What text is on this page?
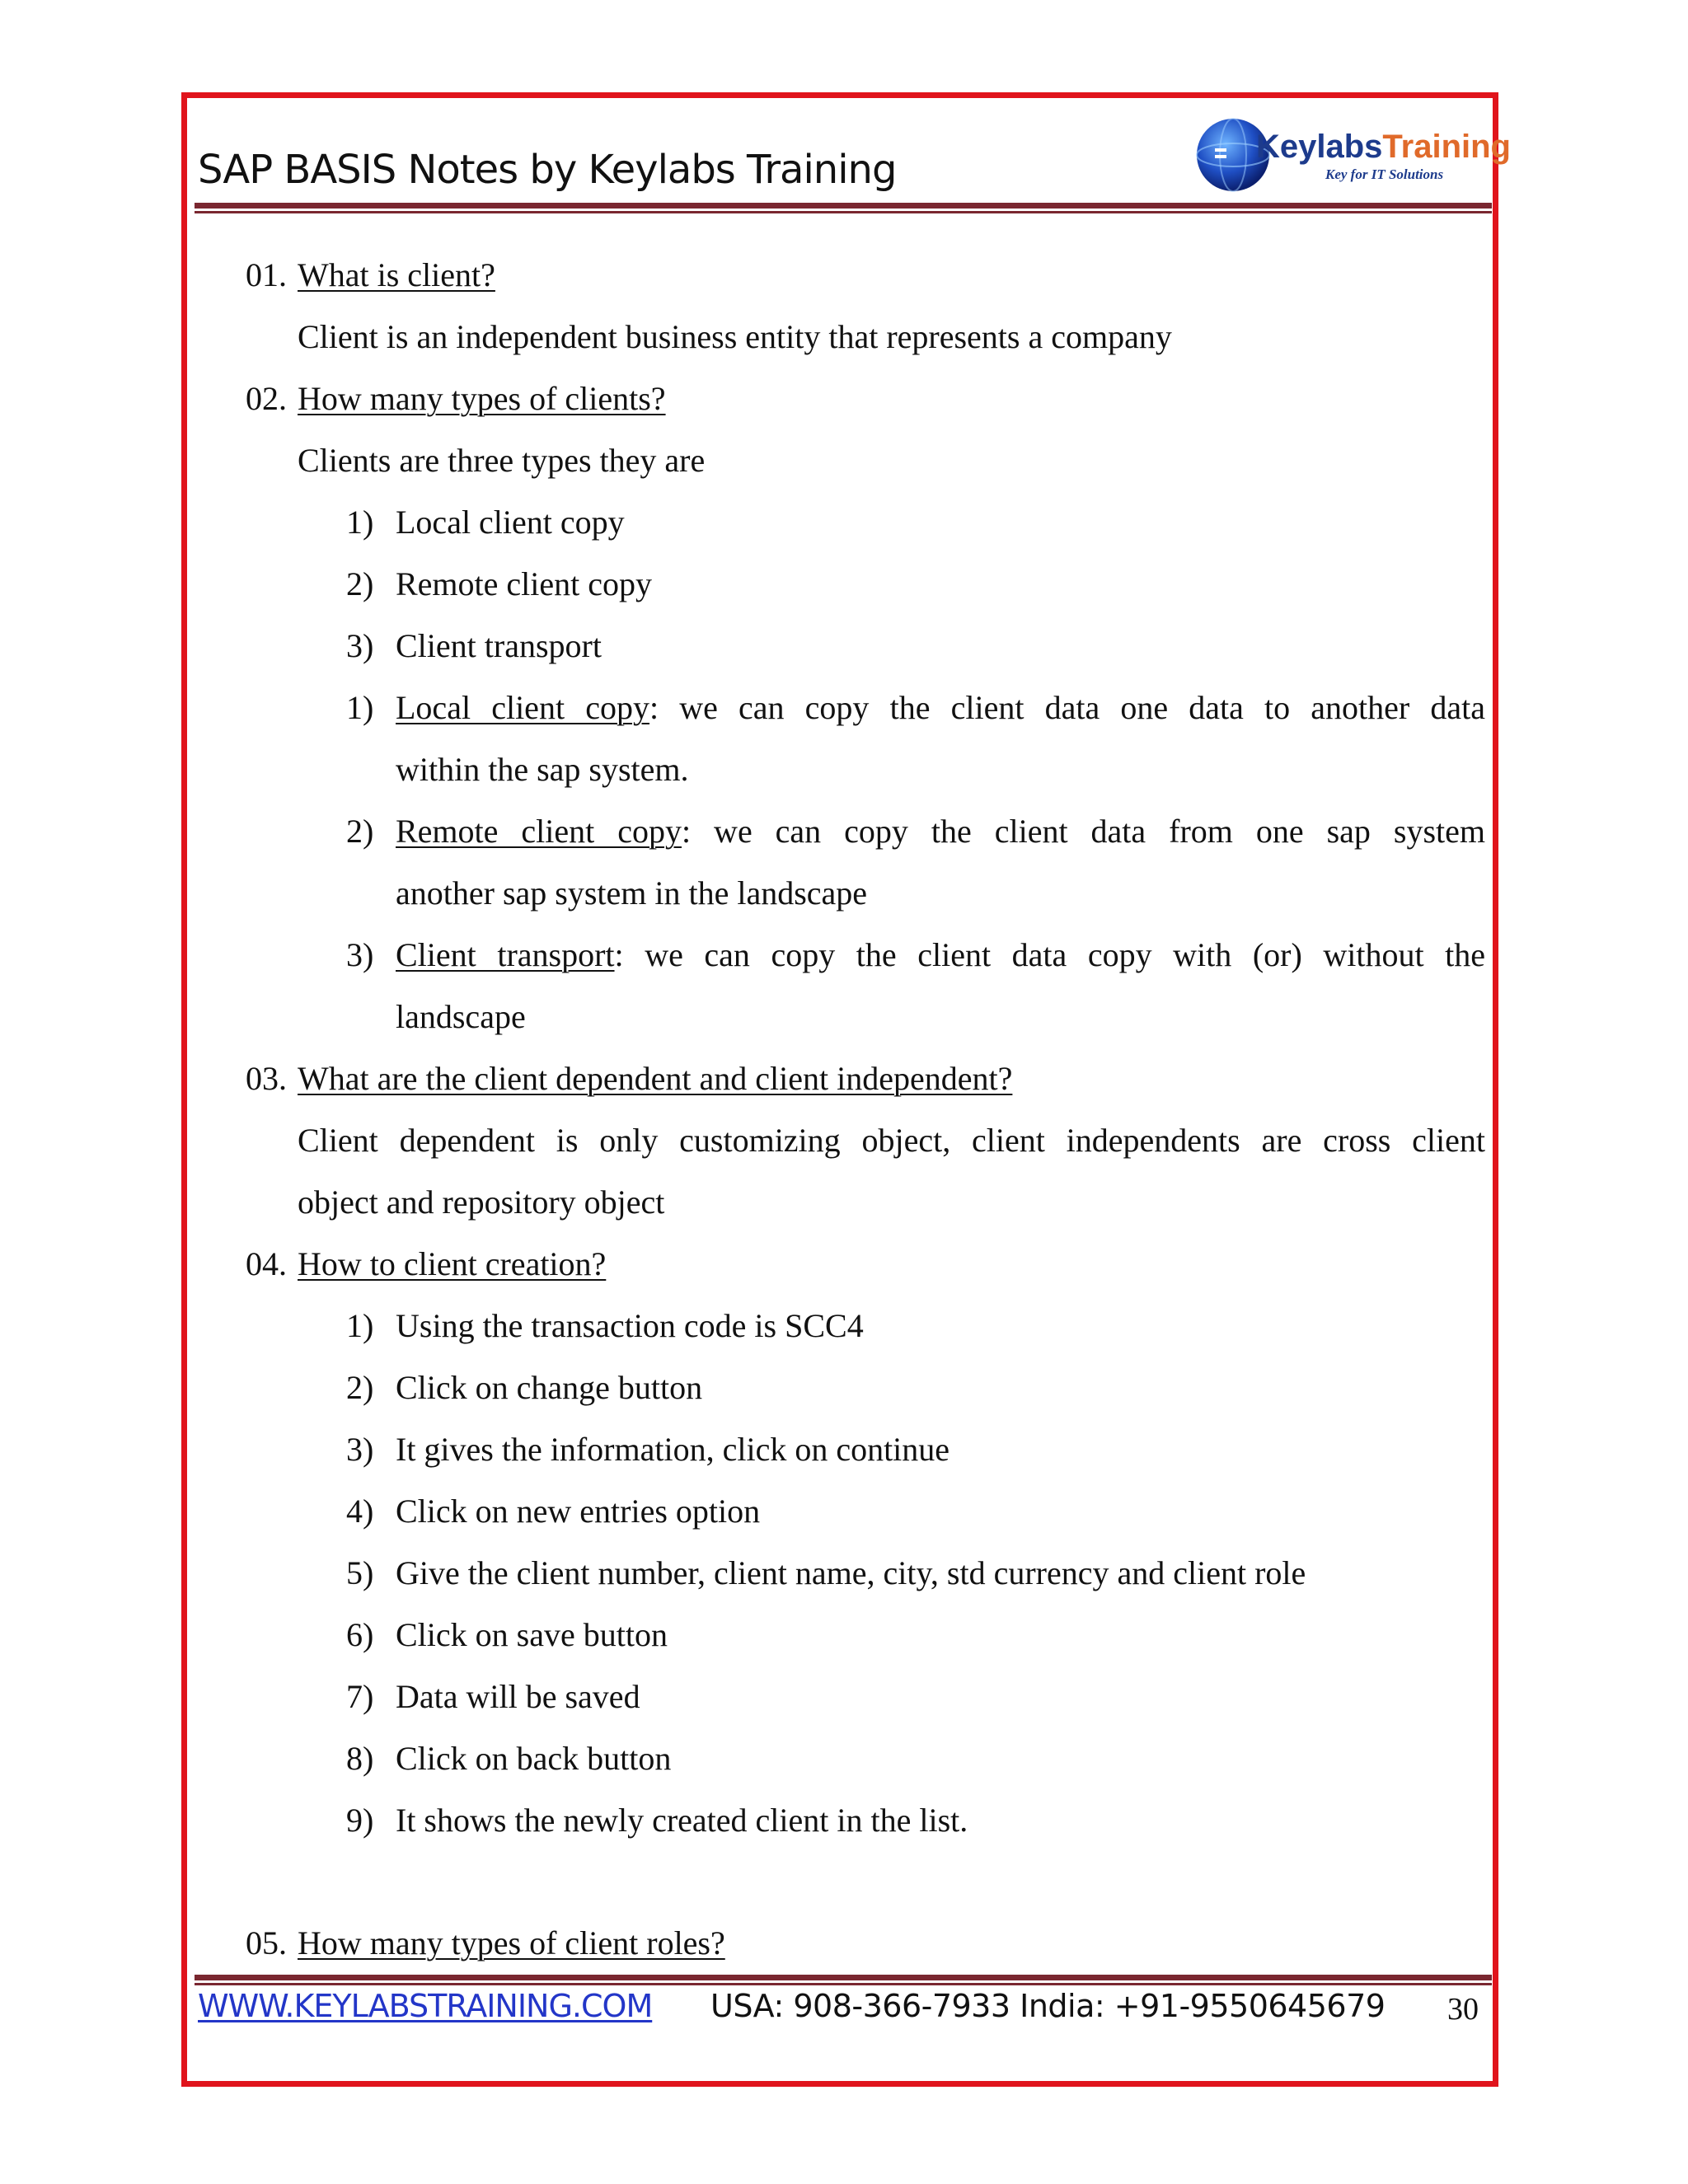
SAP BASIS Notes by Keylabs Training	KeylabsTraining
Key for IT Solutions
01. What is client?
Client is an independent business entity that represents a company
02. How many types of clients?
Clients are three types they are
1) Local client copy
2) Remote client copy
3) Client transport
1) Local client copy: we can copy the client data one data to another data
within the sap system.
2) Remote client copy: we can copy the client data from one sap system
another sap system in the landscape
3) Client transport: we can copy the client data copy with (or) without the
landscape
03. What are the client dependent and client independent?
Client dependent is only customizing object, client independents are cross client
object and repository object
04. How to client creation?
1) Using the transaction code is SCC4
2) Click on change button
3) It gives the information, click on continue
4) Click on new entries option
5) Give the client number, client name, city, std currency and client role
6) Click on save button
7) Data will be saved
8) Click on back button
9) It shows the newly created client in the list.
05. How many types of client roles?
WWW.KEYLABSTRAINING.COM USA: 908-366-7933 India: +91-9550645679 30
